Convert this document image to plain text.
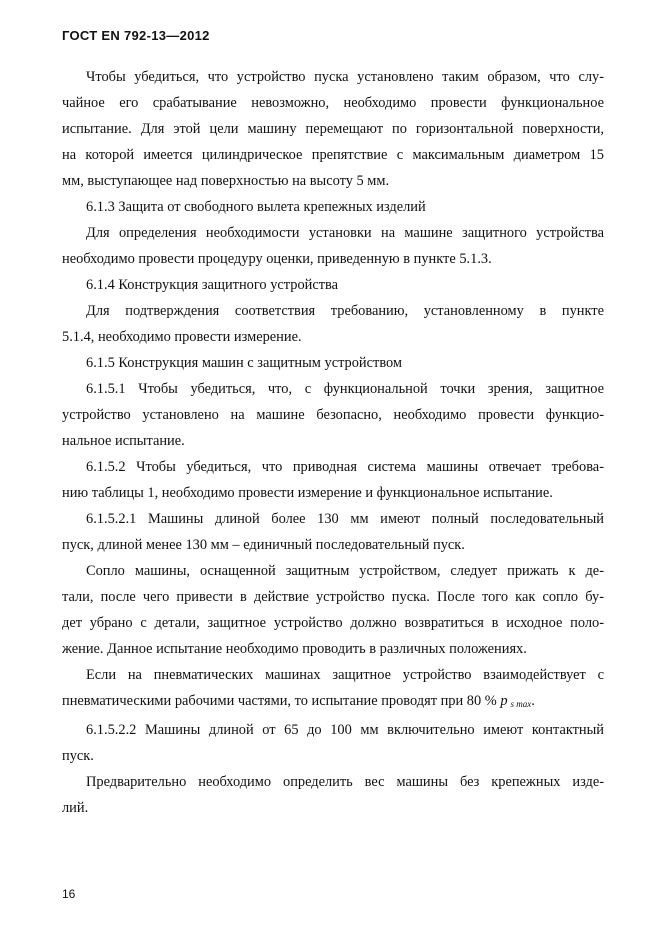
ГОСТ EN 792-13—2012
Чтобы убедиться, что устройство пуска установлено таким образом, что слу-
чайное его срабатывание невозможно, необходимо провести функциональное
испытание. Для этой цели машину перемещают по горизонтальной поверхности,
на которой имеется цилиндрическое препятствие с максимальным диаметром 15
мм, выступающее над поверхностью на высоту 5 мм.
6.1.3 Защита от свободного вылета крепежных изделий
Для определения необходимости установки на машине защитного устройства
необходимо провести процедуру оценки, приведенную в пункте 5.1.3.
6.1.4 Конструкция защитного устройства
Для подтверждения соответствия требованию, установленному в пункте
5.1.4, необходимо провести измерение.
6.1.5 Конструкция машин с защитным устройством
6.1.5.1 Чтобы убедиться, что, с функциональной точки зрения, защитное
устройство установлено на машине безопасно, необходимо провести функцио-
нальное испытание.
6.1.5.2 Чтобы убедиться, что приводная система машины отвечает требова-
нию таблицы 1, необходимо провести измерение и функциональное испытание.
6.1.5.2.1 Машины длиной более 130 мм имеют полный последовательный
пуск, длиной менее 130 мм – единичный последовательный пуск.
Сопло машины, оснащенной защитным устройством, следует прижать к де-
тали, после чего привести в действие устройство пуска. После того как сопло бу-
дет убрано с детали, защитное устройство должно возвратиться в исходное поло-
жение. Данное испытание необходимо проводить в различных положениях.
Если на пневматических машинах защитное устройство взаимодействует с
пневматическими рабочими частями, то испытание проводят при 80 % p  $_{s max}$.
6.1.5.2.2 Машины длиной от 65 до 100 мм включительно имеют контактный
пуск.
Предварительно необходимо определить вес машины без крепежных изде-
лий.
16
